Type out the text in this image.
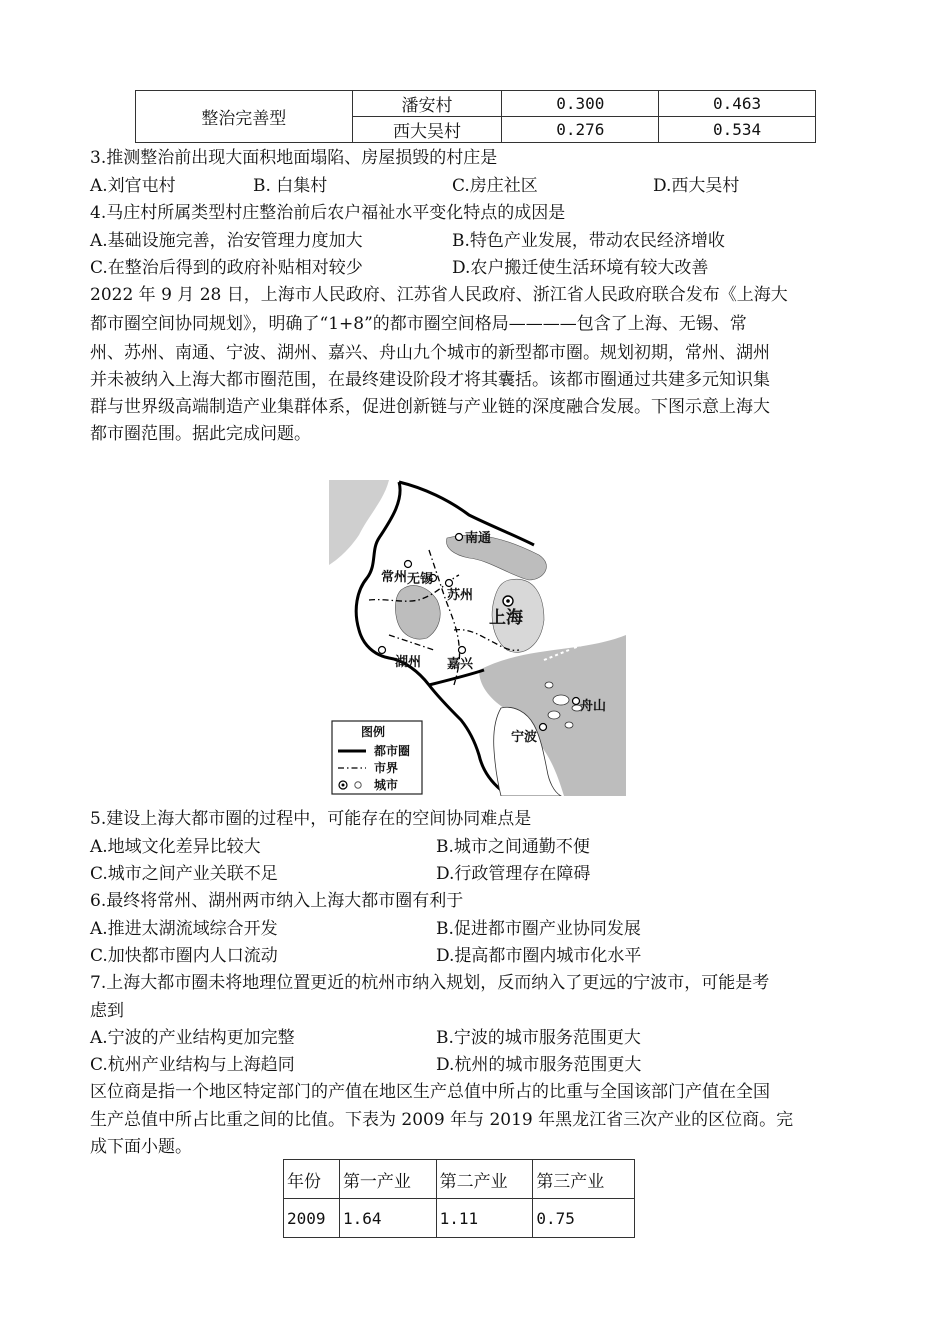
整治完善型	潘安村	0.300	0.463
	西大吴村	0.276	0.534
3.推测整治前出现大面积地面塌陷、房屋损毁的村庄是
A.刘官屯村	B. 白集村	C.房庄社区	D.西大吴村
4.马庄村所属类型村庄整治前后农户福祉水平变化特点的成因是
A.基础设施完善，治安管理力度加大	B.特色产业发展，带动农民经济增收
C.在整治后得到的政府补贴相对较少	D.农户搬迁使生活环境有较大改善
2022 年 9 月 28 日，上海市人民政府、江苏省人民政府、浙江省人民政府联合发布《上海大
都市圈空间协同规划》，明确了“1+8”的都市圈空间格局————包含了上海、无锡、常
州、苏州、南通、宁波、湖州、嘉兴、舟山九个城市的新型都市圈。规划初期，常州、湖州
并未被纳入上海大都市圈范围，在最终建设阶段才将其囊括。该都市圈通过共建多元知识集
群与世界级高端制造产业集群体系，促进创新链与产业链的深度融合发展。下图示意上海大
都市圈范围。据此完成问题。
南通
常州 无锡
苏州
上海
湖州 嘉兴
舟山
宁波
图例
都市圈
市界
城市
5.建设上海大都市圈的过程中，可能存在的空间协同难点是
A.地域文化差异比较大	B.城市之间通勤不便
C.城市之间产业关联不足	D.行政管理存在障碍
6.最终将常州、湖州两市纳入上海大都市圈有利于
A.推进太湖流域综合开发	B.促进都市圈产业协同发展
C.加快都市圈内人口流动	D.提高都市圈内城市化水平
7.上海大都市圈未将地理位置更近的杭州市纳入规划，反而纳入了更远的宁波市，可能是考
虑到
A.宁波的产业结构更加完整	B.宁波的城市服务范围更大
C.杭州产业结构与上海趋同	D.杭州的城市服务范围更大
区位商是指一个地区特定部门的产值在地区生产总值中所占的比重与全国该部门产值在全国
生产总值中所占比重之间的比值。下表为 2009 年与 2019 年黑龙江省三次产业的区位商。完
成下面小题。
年份	第一产业	第二产业	第三产业
2009	1.64	1.11	0.75
